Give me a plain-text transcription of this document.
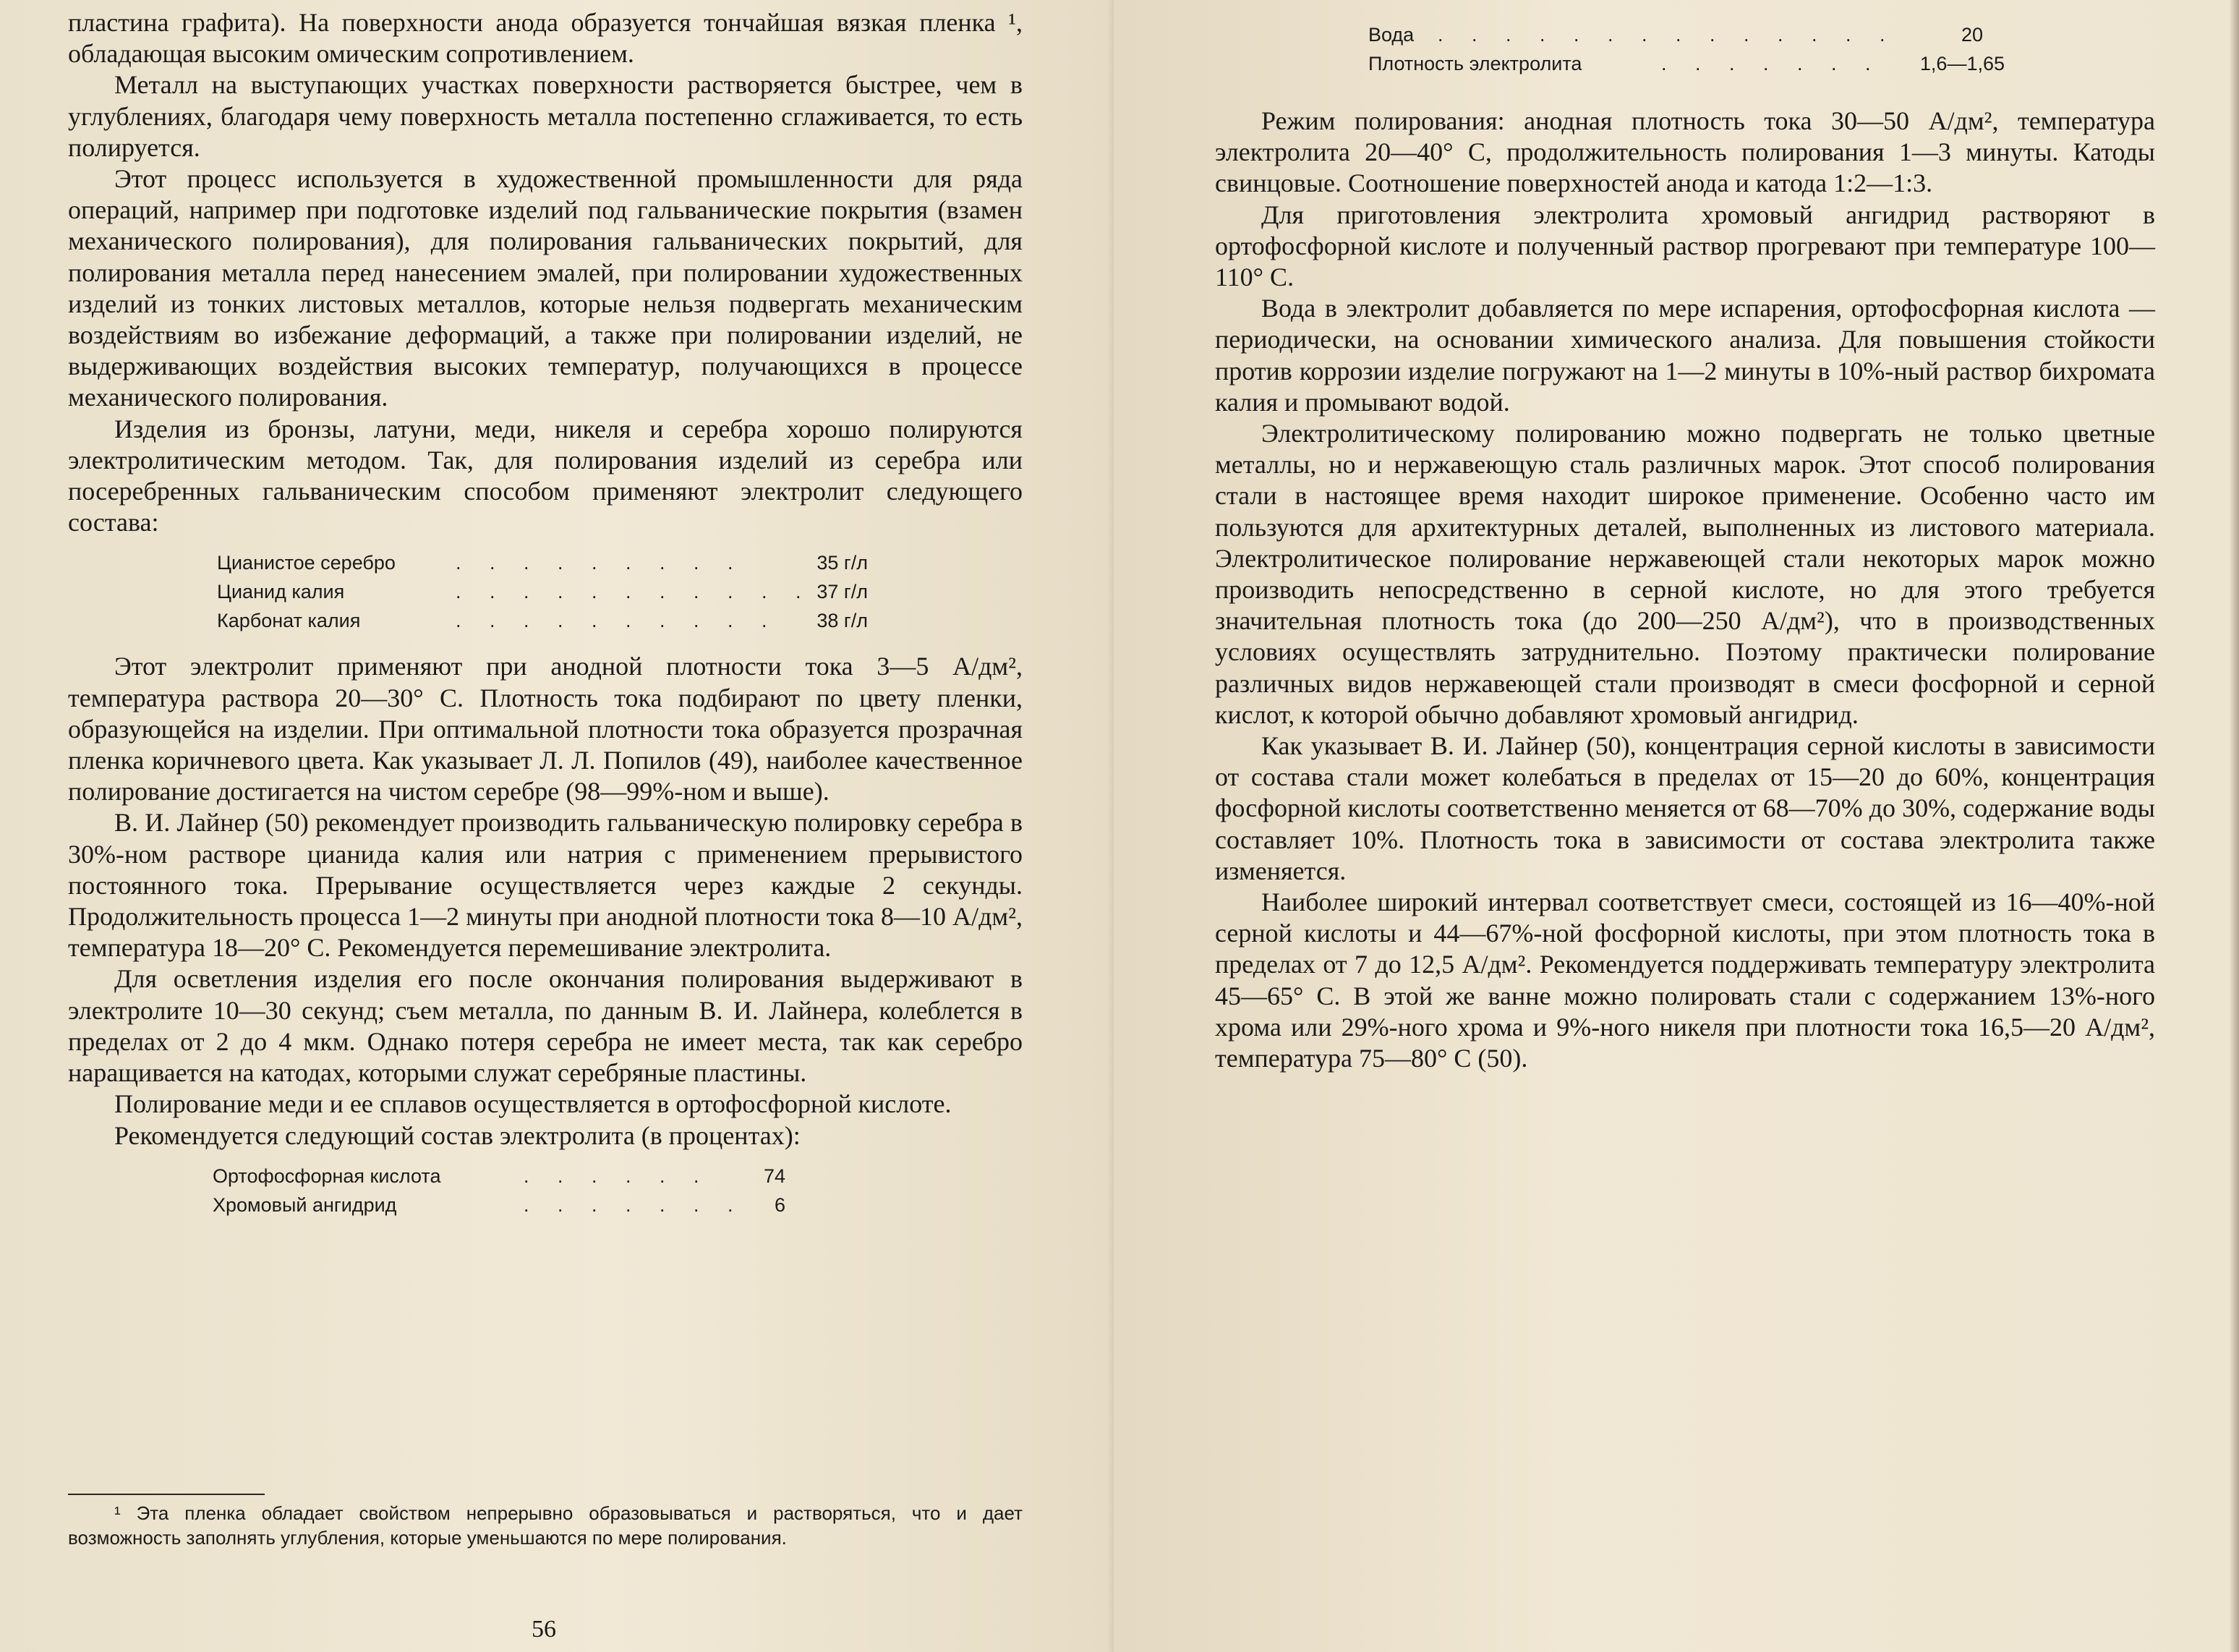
пластина графита). На поверхности анода образуется тончайшая вязкая пленка ¹, обладающая высоким омическим сопротивлением.

Металл на выступающих участках поверхности растворяется быстрее, чем в углублениях, благодаря чему поверхность металла постепенно сглаживается, то есть полируется.

Этот процесс используется в художественной промышленности для ряда операций, например при подготовке изделий под гальванические покрытия (взамен механического полирования), для полирования гальванических покрытий, для полирования металла перед нанесением эмалей, при полировании художественных изделий из тонких листовых металлов, которые нельзя подвергать механическим воздействиям во избежание деформаций, а также при полировании изделий, не выдерживающих воздействия высоких температур, получающихся в процессе механического полирования.

Изделия из бронзы, латуни, меди, никеля и серебра хорошо полируются электролитическим методом. Так, для полирования изделий из серебра или посеребренных гальваническим способом применяют электролит следующего состава:

Цианистое серебро	. . . . . . . . .	35 г/л
Цианид калия	. . . . . . . . . . . 37 г/л
Карбонат калия	. . . . . . . . . . 38 г/л

Этот электролит применяют при анодной плотности тока 3—5 А/дм², температура раствора 20—30° С. Плотность тока подбирают по цвету пленки, образующейся на изделии. При оптимальной плотности тока образуется прозрачная пленка коричневого цвета. Как указывает Л. Л. Попилов (49), наиболее качественное полирование достигается на чистом серебре (98—99%-ном и выше).

В. И. Лайнер (50) рекомендует производить гальваническую полировку серебра в 30%-ном растворе цианида калия или натрия с применением прерывистого постоянного тока. Прерывание осуществляется через каждые 2 секунды. Продолжительность процесса 1—2 минуты при анодной плотности тока 8—10 А/дм², температура 18—20° С. Рекомендуется перемешивание электролита.

Для осветления изделия его после окончания полирования выдерживают в электролите 10—30 секунд; съем металла, по данным В. И. Лайнера, колеблется в пределах от 2 до 4 мкм. Однако потеря серебра не имеет места, так как серебро наращивается на катодах, которыми служат серебряные пластины.

Полирование меди и ее сплавов осуществляется в ортофосфорной кислоте.

Рекомендуется следующий состав электролита (в процентах):

Ортофосфорная кислота	. . . . . .	74
Хромовый ангидрид	. . . . . . . 6
¹ Эта пленка обладает свойством непрерывно образовываться и растворяться, что и дает возможность заполнять углубления, которые уменьшаются по мере полирования.
56
Вода . . . . . . . . . . . . . .	20
Плотность электролита	. . . . . . . 1,6—1,65

Режим полирования: анодная плотность тока 30—50 А/дм², температура электролита 20—40° С, продолжительность полирования 1—3 минуты. Катоды свинцовые. Соотношение поверхностей анода и катода 1:2—1:3.

Для приготовления электролита хромовый ангидрид растворяют в ортофосфорной кислоте и полученный раствор прогревают при температуре 100—110° С.

Вода в электролит добавляется по мере испарения, ортофосфорная кислота — периодически, на основании химического анализа. Для повышения стойкости против коррозии изделие погружают на 1—2 минуты в 10%-ный раствор бихромата калия и промывают водой.

Электролитическому полированию можно подвергать не только цветные металлы, но и нержавеющую сталь различных марок. Этот способ полирования стали в настоящее время находит широкое применение. Особенно часто им пользуются для архитектурных деталей, выполненных из листового материала. Электролитическое полирование нержавеющей стали некоторых марок можно производить непосредственно в серной кислоте, но для этого требуется значительная плотность тока (до 200—250 А/дм²), что в производственных условиях осуществлять затруднительно. Поэтому практически полирование различных видов нержавеющей стали производят в смеси фосфорной и серной кислот, к которой обычно добавляют хромовый ангидрид.

Как указывает В. И. Лайнер (50), концентрация серной кислоты в зависимости от состава стали может колебаться в пределах от 15—20 до 60%, концентрация фосфорной кислоты соответственно меняется от 68—70% до 30%, содержание воды составляет 10%. Плотность тока в зависимости от состава электролита также изменяется.

Наиболее широкий интервал соответствует смеси, состоящей из 16—40%-ной серной кислоты и 44—67%-ной фосфорной кислоты, при этом плотность тока в пределах от 7 до 12,5 А/дм². Рекомендуется поддерживать температуру электролита 45—65° С. В этой же ванне можно полировать стали с содержанием 13%-ного хрома или 29%-ного хрома и 9%-ного никеля при плотности тока 16,5—20 А/дм², температура 75—80° С (50).
